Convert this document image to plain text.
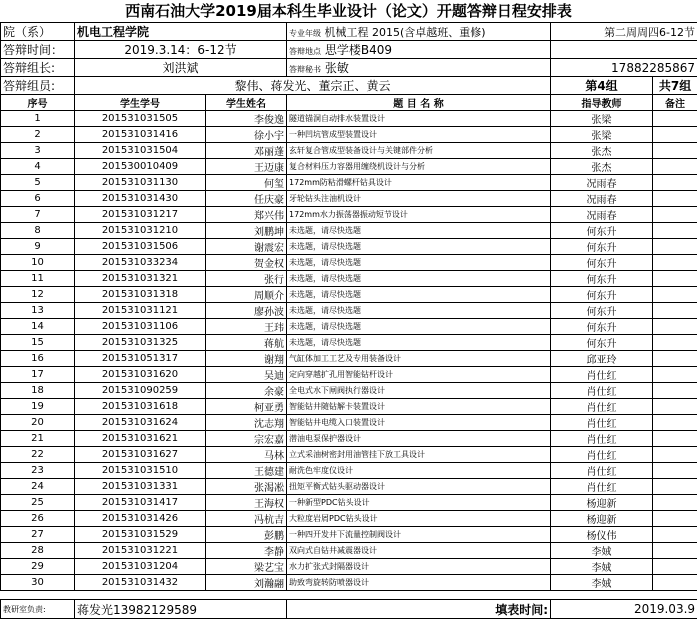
西南石油大学2019届本科生毕业设计（论文）开题答辩日程安排表
院（系）	机电工程学院		专业年级 机械工程 2015(含卓越班、重修)	第二周周四6-12节	
答辩时间：	2019.3.14：6-12节		答辩地点 思学楼B409		
答辩组长:	刘洪斌		答辩秘书 张敏	17882285867	
答辩组员:	黎伟、蒋发光、董宗正、黄云			第4组	共7组
序号	学生学号	学生姓名	题 目 名 称	指导教师	备注
1	201531031505	李俊逸	隧道锚洞自动排水装置设计	张梁	
2	201531031416	徐小宇	一种凹坑管成型装置设计	张梁	
3	201531031504	邓丽蓬	玄轩复合管成型装备设计与关键部件分析	张杰	
4	201530010409	王迈康	复合材料压力容器用缠绕机设计与分析	张杰	
5	201531031130	何玺	172mm防粘滑螺杆钻具设计	况雨春	
6	201531031430	任庆豪	牙轮钻头注油机设计	况雨春	
7	201531031217	郑兴伟	172mm水力振荡器振动短节设计	况雨春	
8	201531031210	刘鹏坤	未选题，请尽快选题	何东升	
9	201531031506	谢震宏	未选题，请尽快选题	何东升	
10	201531033234	贺金权	未选题，请尽快选题	何东升	
11	201531031321	张行	未选题，请尽快选题	何东升	
12	201531031318	周顺介	未选题，请尽快选题	何东升	
13	201531031121	廖孙波	未选题，请尽快选题	何东升	
14	201531031106	王玮	未选题，请尽快选题	何东升	
15	201531031325	蒋航	未选题，请尽快选题	何东升	
16	201531051317	谢翔	气缸体加工工艺及专用装备设计	邱亚玲	
17	201531031620	吴迪	定向穿越扩孔用智能钻杆设计	肖仕红	
18	201531090259	余豪	全电式水下闸阀执行器设计	肖仕红	
19	201531031618	柯亚勇	智能钻井随钻解卡装置设计	肖仕红	
20	201531031624	沈志翔	智能钻井电缆入口装置设计	肖仕红	
21	201531031621	宗宏嘉	潜油电泵保护器设计	肖仕红	
22	201531031627	马林	立式采油树密封用油管挂下放工具设计	肖仕红	
23	201531031510	王德建	耐洗色牢度仪设计	肖仕红	
24	201531031331	张渴凇	扭矩平衡式钻头驱动器设计	肖仕红	
25	201531031417	王海权	一种新型PDC钻头设计	杨迎新	
26	201531031426	冯杭吉	大粒度岩屑PDC钻头设计	杨迎新	
27	201531031529	彭鹏	一种四开发井下流量控制阀设计	杨仪伟	
28	201531031221	李静	双向式自钻井减震器设计	李娀	
29	201531031204	梁艺宝	水力扩张式封隔器设计	李娀	
30	201531031432	刘瀚翮	助致弯旋转防喷器设计	李娀	

教研室负责:	蒋发光13982129589		填表时间:	2019.03.9	
